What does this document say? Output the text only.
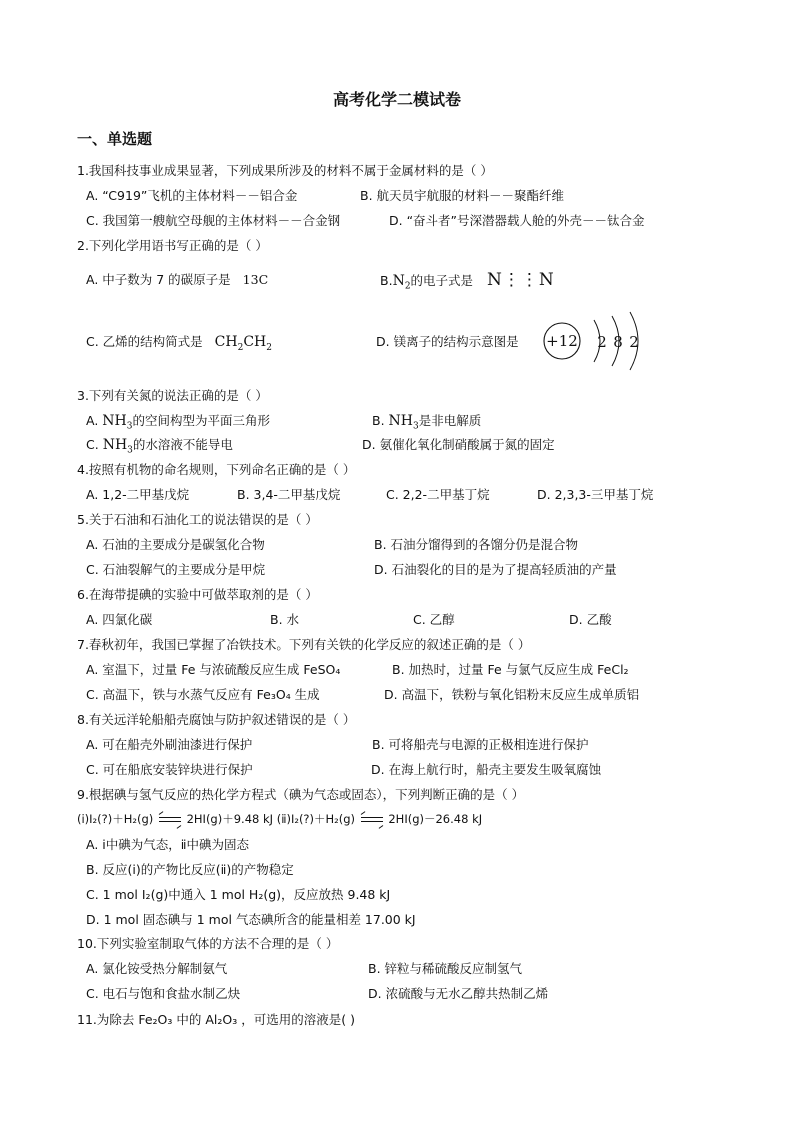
高考化学二模试卷
一、单选题
1.我国科技事业成果显著，下列成果所涉及的材料不属于金属材料的是（ ）
A. “C919”飞机的主体材料－－铝合金	B. 航天员宇航服的材料－－聚酯纤维
C. 我国第一艘航空母舰的主体材料－－合金钢	D. “奋斗者”号深潜器载人舱的外壳－－钛合金
2.下列化学用语书写正确的是（ ）
A. 中子数为 7 的碳原子是 13C	$B.N_2$的电子式是 N⋮⋮N
C. 乙烯的结构简式是 $CH_2CH_2$	D. 镁离子的结构示意图是 +12 2 8 2
3.下列有关氮的说法正确的是（ ）
A. $NH_3$的空间构型为平面三角形	B. $NH_3$是非电解质
C. $NH_3$的水溶液不能导电	D. 氨催化氧化制硝酸属于氮的固定
4.按照有机物的命名规则，下列命名正确的是（ ）
A. 1,2-二甲基戊烷	B. 3,4-二甲基戊烷	C. 2,2-二甲基丁烷	D. 2,3,3-三甲基丁烷
5.关于石油和石油化工的说法错误的是（ ）
A. 石油的主要成分是碳氢化合物	B. 石油分馏得到的各馏分仍是混合物
C. 石油裂解气的主要成分是甲烷	D. 石油裂化的目的是为了提高轻质油的产量
6.在海带提碘的实验中可做萃取剂的是（ ）
A. 四氯化碳	B. 水	C. 乙醇	D. 乙酸
7.春秋初年，我国已掌握了冶铁技术。下列有关铁的化学反应的叙述正确的是（ ）
A. 室温下，过量 Fe 与浓硫酸反应生成 FeSO₄	B. 加热时，过量 Fe 与氯气反应生成 FeCl₂
C. 高温下，铁与水蒸气反应有 Fe₃O₄ 生成	D. 高温下，铁粉与氧化铝粉末反应生成单质铝
8.有关远洋轮船船壳腐蚀与防护叙述错误的是（ ）
A. 可在船壳外刷油漆进行保护	B. 可将船壳与电源的正极相连进行保护
C. 可在船底安装锌块进行保护	D. 在海上航行时，船壳主要发生吸氧腐蚀
9.根据碘与氢气反应的热化学方程式（碘为气态或固态），下列判断正确的是（ ）
(ⅰ)I₂(?)＋H₂(g)	2HI(g)＋9.48 kJ (ⅱ)I₂(?)＋H₂(g)	2HI(g)－26.48 kJ
A. ⅰ中碘为气态，ⅱ中碘为固态
B. 反应(ⅰ)的产物比反应(ⅱ)的产物稳定
C. 1 mol I₂(g)中通入 1 mol H₂(g)，反应放热 9.48 kJ
D. 1 mol 固态碘与 1 mol 气态碘所含的能量相差 17.00 kJ
10.下列实验室制取气体的方法不合理的是（ ）
A. 氯化铵受热分解制氨气	B. 锌粒与稀硫酸反应制氢气
C. 电石与饱和食盐水制乙炔	D. 浓硫酸与无水乙醇共热制乙烯
11.为除去 Fe₂O₃ 中的 Al₂O₃ ，可选用的溶液是( )
